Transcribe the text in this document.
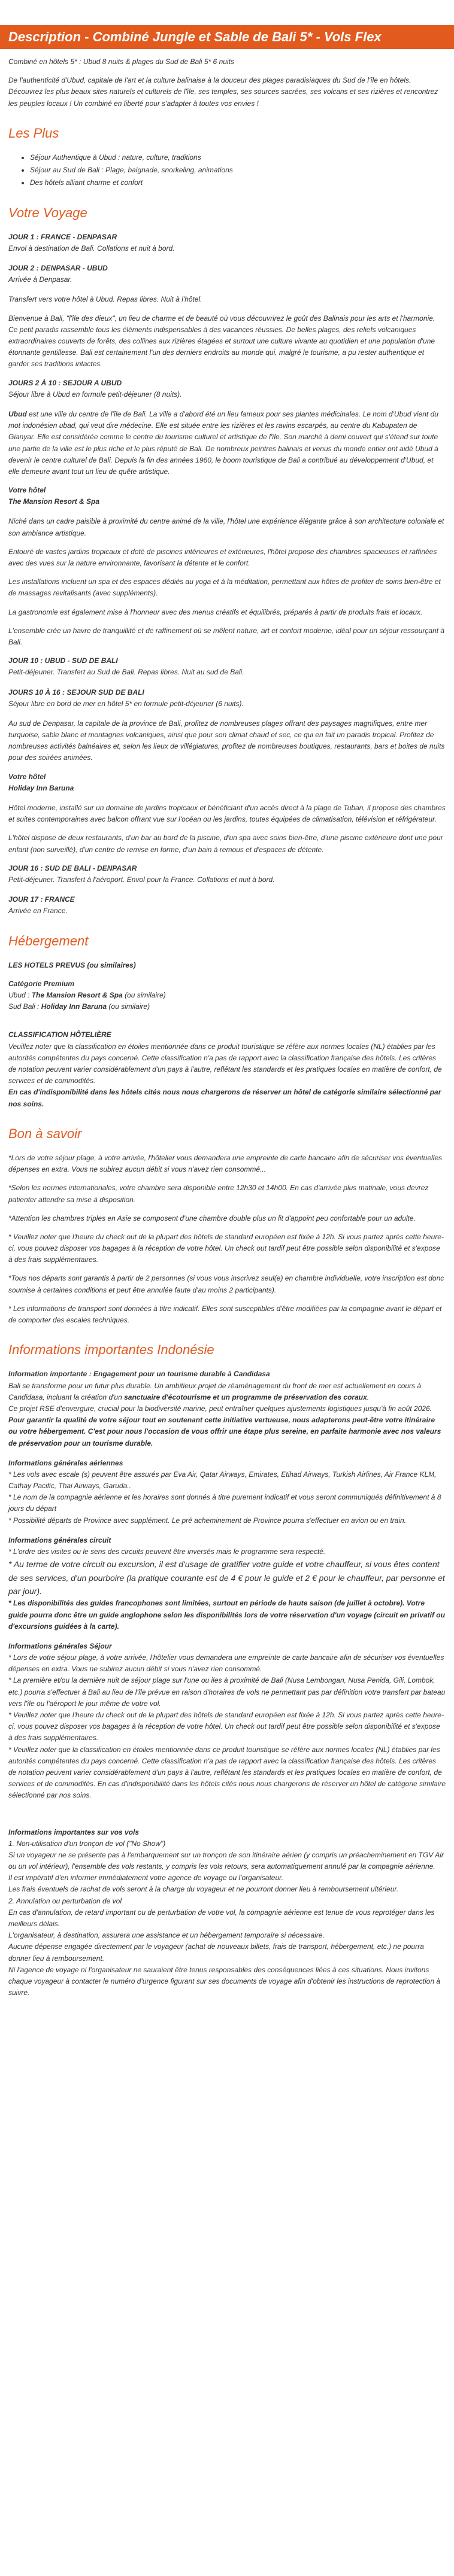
Description - Combiné Jungle et Sable de Bali 5* - Vols Flex

Combiné en hôtels 5* : Ubud 8 nuits & plages du Sud de Bali 5* 6 nuits

De l'authenticité d'Ubud, capitale de l'art et la culture balinaise à la douceur des plages paradisiaques du Sud de l'île en hôtels. Découvrez les plus beaux sites naturels et culturels de l'île, ses temples, ses sources sacrées, ses volcans et ses rizières et rencontrez les peuples locaux ! Un combiné en liberté pour s'adapter à toutes vos envies !

Les Plus
• Séjour Authentique à Ubud : nature, culture, traditions
• Séjour au Sud de Bali : Plage, baignade, snorkeling, animations
• Des hôtels alliant charme et confort
Votre Voyage
JOUR 1 : FRANCE - DENPASAR
Envol à destination de Bali. Collations et nuit à bord.
JOUR 2 : DENPASAR - UBUD
Arrivée à Denpasar.

Transfert vers votre hôtel à Ubud. Repas libres. Nuit à l'hôtel.

Bienvenue à Bali, "l'île des dieux", un lieu de charme et de beauté où vous découvrirez le goût des Balinais pour les arts et l'harmonie. Ce petit paradis rassemble tous les éléments indispensables à des vacances réussies. De belles plages, des reliefs volcaniques extraordinaires couverts de forêts, des collines aux rizières étagées et surtout une culture vivante au quotidien et une population d'une étonnante gentillesse. Bali est certainement l'un des derniers endroits au monde qui, malgré le tourisme, a pu rester authentique et garder ses traditions intactes.

JOURS 2 À 10 : SEJOUR A UBUD
Séjour libre à Ubud en formule petit-déjeuner (8 nuits).

Ubud est une ville du centre de l'île de Bali. La ville a d'abord été un lieu fameux pour ses plantes médicinales. Le nom d'Ubud vient du mot indonésien ubad, qui veut dire médecine. Elle est située entre les rizières et les ravins escarpés, au centre du Kabupaten de Gianyar. Elle est considérée comme le centre du tourisme culturel et artistique de l'île. Son marché à demi couvert qui s'étend sur toute une partie de la ville est le plus riche et le plus réputé de Bali. De nombreux peintres balinais et venus du monde entier ont aidé Ubud à devenir le centre culturel de Bali. Depuis la fin des années 1960, le boom touristique de Bali a contribué au développement d'Ubud, et elle demeure avant tout un lieu de quête artistique.

Votre hôtel
The Mansion Resort & Spa

Niché dans un cadre paisible à proximité du centre animé de la ville, l'hôtel une expérience élégante grâce à son architecture coloniale et son ambiance artistique.

Entouré de vastes jardins tropicaux et doté de piscines intérieures et extérieures, l'hôtel propose des chambres spacieuses et raffinées avec des vues sur la nature environnante, favorisant la détente et le confort.

Les installations incluent un spa et des espaces dédiés au yoga et à la méditation, permettant aux hôtes de profiter de soins bien-être et de massages revitalisants (avec suppléments).

La gastronomie est également mise à l'honneur avec des menus créatifs et équilibrés, préparés à partir de produits frais et locaux.

L'ensemble crée un havre de tranquillité et de raffinement où se mêlent nature, art et confort moderne, idéal pour un séjour ressourçant à Bali.

JOUR 10 : UBUD - SUD DE BALI
Petit-déjeuner. Transfert au Sud de Bali. Repas libres. Nuit au sud de Bali.
JOURS 10 À 16 : SEJOUR SUD DE BALI
Séjour libre en bord de mer en hôtel 5* en formule petit-déjeuner (6 nuits).

Au sud de Denpasar, la capitale de la province de Bali, profitez de nombreuses plages offrant des paysages magnifiques, entre mer turquoise, sable blanc et montagnes volcaniques, ainsi que pour son climat chaud et sec, ce qui en fait un paradis tropical. Profitez de nombreuses activités balnéaires et, selon les lieux de villégiatures, profitez de nombreuses boutiques, restaurants, bars et boites de nuits pour des soirées animées.

Votre hôtel
Holiday Inn Baruna

Hôtel moderne, installé sur un domaine de jardins tropicaux et bénéficiant d'un accès direct à la plage de Tuban, il propose des chambres et suites contemporaines avec balcon offrant vue sur l'océan ou les jardins, toutes équipées de climatisation, télévision et réfrigérateur.

L'hôtel dispose de deux restaurants, d'un bar au bord de la piscine, d'un spa avec soins bien-être, d'une piscine extérieure dont une pour enfant (non surveillé), d'un centre de remise en forme, d'un bain à remous et d'espaces de détente.

JOUR 16 : SUD DE BALI - DENPASAR
Petit-déjeuner. Transfert à l'aéroport. Envol pour la France. Collations et nuit à bord.
JOUR 17 : FRANCE
Arrivée en France.
Hébergement

LES HOTELS PREVUS (ou similaires)

Catégorie Premium
Ubud : The Mansion Resort & Spa (ou similaire)
Sud Bali : Holiday Inn Baruna (ou similaire)
CLASSIFICATION HÔTELIÈRE
Veuillez noter que la classification en étoiles mentionnée dans ce produit touristique se réfère aux normes locales (NL) établies par les autorités compétentes du pays concerné. Cette classification n'a pas de rapport avec la classification française des hôtels. Les critères de notation peuvent varier considérablement d'un pays à l'autre, reflétant les standards et les pratiques locales en matière de confort, de services et de commodités.
En cas d'indisponibilité dans les hôtels cités nous nous chargerons de réserver un hôtel de catégorie similaire sélectionné par nos soins.
Bon à savoir

*Lors de votre séjour plage, à votre arrivée, l'hôtelier vous demandera une empreinte de carte bancaire afin de sécuriser vos éventuelles dépenses en extra. Vous ne subirez aucun débit si vous n'avez rien consommé...

*Selon les normes internationales, votre chambre sera disponible entre 12h30 et 14h00. En cas d'arrivée plus matinale, vous devrez patienter attendre sa mise à disposition.

*Attention les chambres triples en Asie se composent d'une chambre double plus un lit d'appoint peu confortable pour un adulte.

* Veuillez noter que l'heure du check out de la plupart des hôtels de standard européen est fixée à 12h. Si vous partez après cette heure-ci, vous pouvez disposer vos bagages à la réception de votre hôtel. Un check out tardif peut être possible selon disponibilité et s'expose à des frais supplémentaires.

*Tous nos départs sont garantis à partir de 2 personnes (si vous vous inscrivez seul(e) en chambre individuelle, votre inscription est donc soumise à certaines conditions et peut être annulée faute d'au moins 2 participants).

* Les informations de transport sont données à titre indicatif. Elles sont susceptibles d'être modifiées par la compagnie avant le départ et de comporter des escales techniques.

Informations importantes Indonésie
Information importante : Engagement pour un tourisme durable à Candidasa
Bali se transforme pour un futur plus durable. Un ambitieux projet de réaménagement du front de mer est actuellement en cours à Candidasa, incluant la création d'un sanctuaire d'écotourisme et un programme de préservation des coraux.
Ce projet RSE d'envergure, crucial pour la biodiversité marine, peut entraîner quelques ajustements logistiques jusqu'à fin août 2026. Pour garantir la qualité de votre séjour tout en soutenant cette initiative vertueuse, nous adapterons peut-être votre itinéraire ou votre hébergement. C'est pour nous l'occasion de vous offrir une étape plus sereine, en parfaite harmonie avec nos valeurs de préservation pour un tourisme durable.
Informations générales aériennes
* Les vols avec escale (s) peuvent être assurés par Eva Air, Qatar Airways, Emirates, Etihad Airways, Turkish Airlines, Air France KLM, Cathay Pacific, Thai Airways, Garuda..
* Le nom de la compagnie aérienne et les horaires sont donnés à titre purement indicatif et vous seront communiqués définitivement à 8 jours du départ
* Possibilité départs de Province avec supplément. Le pré acheminement de Province pourra s'effectuer en avion ou en train.
Informations générales circuit
* L'ordre des visites ou le sens des circuits peuvent être inversés mais le programme sera respecté.
* Au terme de votre circuit ou excursion, il est d'usage de gratifier votre guide et votre chauffeur, si vous êtes content de ses services, d'un pourboire (la pratique courante est de 4 € pour le guide et 2 € pour le chauffeur, par personne et par jour).
* Les disponibilités des guides francophones sont limitées, surtout en période de haute saison (de juillet à octobre). Votre guide pourra donc être un guide anglophone selon les disponibilités lors de votre réservation d'un voyage (circuit en privatif ou d'excursions guidées à la carte).
Informations générales Séjour
* Lors de votre séjour plage, à votre arrivée, l'hôtelier vous demandera une empreinte de carte bancaire afin de sécuriser vos éventuelles dépenses en extra. Vous ne subirez aucun débit si vous n'avez rien consommé.
* La première et/ou la dernière nuit de séjour plage sur l'une ou iles à proximité de Bali (Nusa Lembongan, Nusa Penida, Gili, Lombok, etc.) pourra s'effectuer à Bali au lieu de l'île prévue en raison d'horaires de vols ne permettant pas par définition votre transfert par bateau vers l'île ou l'aéroport le jour même de votre vol.
* Veuillez noter que l'heure du check out de la plupart des hôtels de standard européen est fixée à 12h. Si vous partez après cette heure-ci, vous pouvez disposer vos bagages à la réception de votre hôtel. Un check out tardif peut être possible selon disponibilité et s'expose à des frais supplémentaires.
* Veuillez noter que la classification en étoiles mentionnée dans ce produit touristique se réfère aux normes locales (NL) établies par les autorités compétentes du pays concerné. Cette classification n'a pas de rapport avec la classification française des hôtels. Les critères de notation peuvent varier considérablement d'un pays à l'autre, reflétant les standards et les pratiques locales en matière de confort, de services et de commodités. En cas d'indisponibilité dans les hôtels cités nous nous chargerons de réserver un hôtel de catégorie similaire sélectionné par nos soins.
Informations importantes sur vos vols
1. Non-utilisation d'un tronçon de vol ("No Show")
Si un voyageur ne se présente pas à l'embarquement sur un tronçon de son itinéraire aérien (y compris un préacheminement en TGV Air ou un vol intérieur), l'ensemble des vols restants, y compris les vols retours, sera automatiquement annulé par la compagnie aérienne.
Il est impératif d'en informer immédiatement votre agence de voyage ou l'organisateur.
Les frais éventuels de rachat de vols seront à la charge du voyageur et ne pourront donner lieu à remboursement ultérieur.
2. Annulation ou perturbation de vol
En cas d'annulation, de retard important ou de perturbation de votre vol, la compagnie aérienne est tenue de vous reprotéger dans les meilleurs délais.
L'organisateur, à destination, assurera une assistance et un hébergement temporaire si nécessaire.
Aucune dépense engagée directement par le voyageur (achat de nouveaux billets, frais de transport, hébergement, etc.) ne pourra donner lieu à remboursement.
Ni l'agence de voyage ni l'organisateur ne sauraient être tenus responsables des conséquences liées à ces situations. Nous invitons chaque voyageur à contacter le numéro d'urgence figurant sur ses documents de voyage afin d'obtenir les instructions de reprotection à suivre.
